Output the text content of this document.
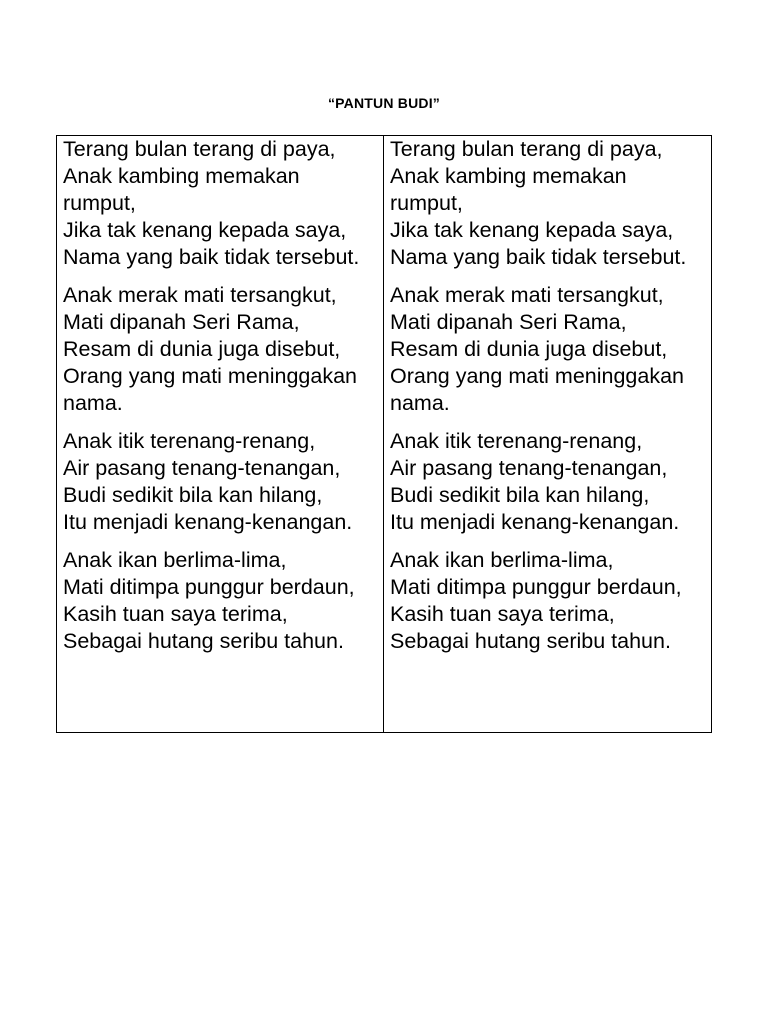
“PANTUN BUDI”
Terang bulan terang di paya,
Anak kambing memakan
rumput,
Jika tak kenang kepada saya,
Nama yang baik tidak tersebut.
Anak merak mati tersangkut,
Mati dipanah Seri Rama,
Resam di dunia juga disebut,
Orang yang mati meninggakan
nama.
Anak itik terenang-renang,
Air pasang tenang-tenangan,
Budi sedikit bila kan hilang,
Itu menjadi kenang-kenangan.
Anak ikan berlima-lima,
Mati ditimpa punggur berdaun,
Kasih tuan saya terima,
Sebagai hutang seribu tahun.
Terang bulan terang di paya,
Anak kambing memakan
rumput,
Jika tak kenang kepada saya,
Nama yang baik tidak tersebut.
Anak merak mati tersangkut,
Mati dipanah Seri Rama,
Resam di dunia juga disebut,
Orang yang mati meninggakan
nama.
Anak itik terenang-renang,
Air pasang tenang-tenangan,
Budi sedikit bila kan hilang,
Itu menjadi kenang-kenangan.
Anak ikan berlima-lima,
Mati ditimpa punggur berdaun,
Kasih tuan saya terima,
Sebagai hutang seribu tahun.
